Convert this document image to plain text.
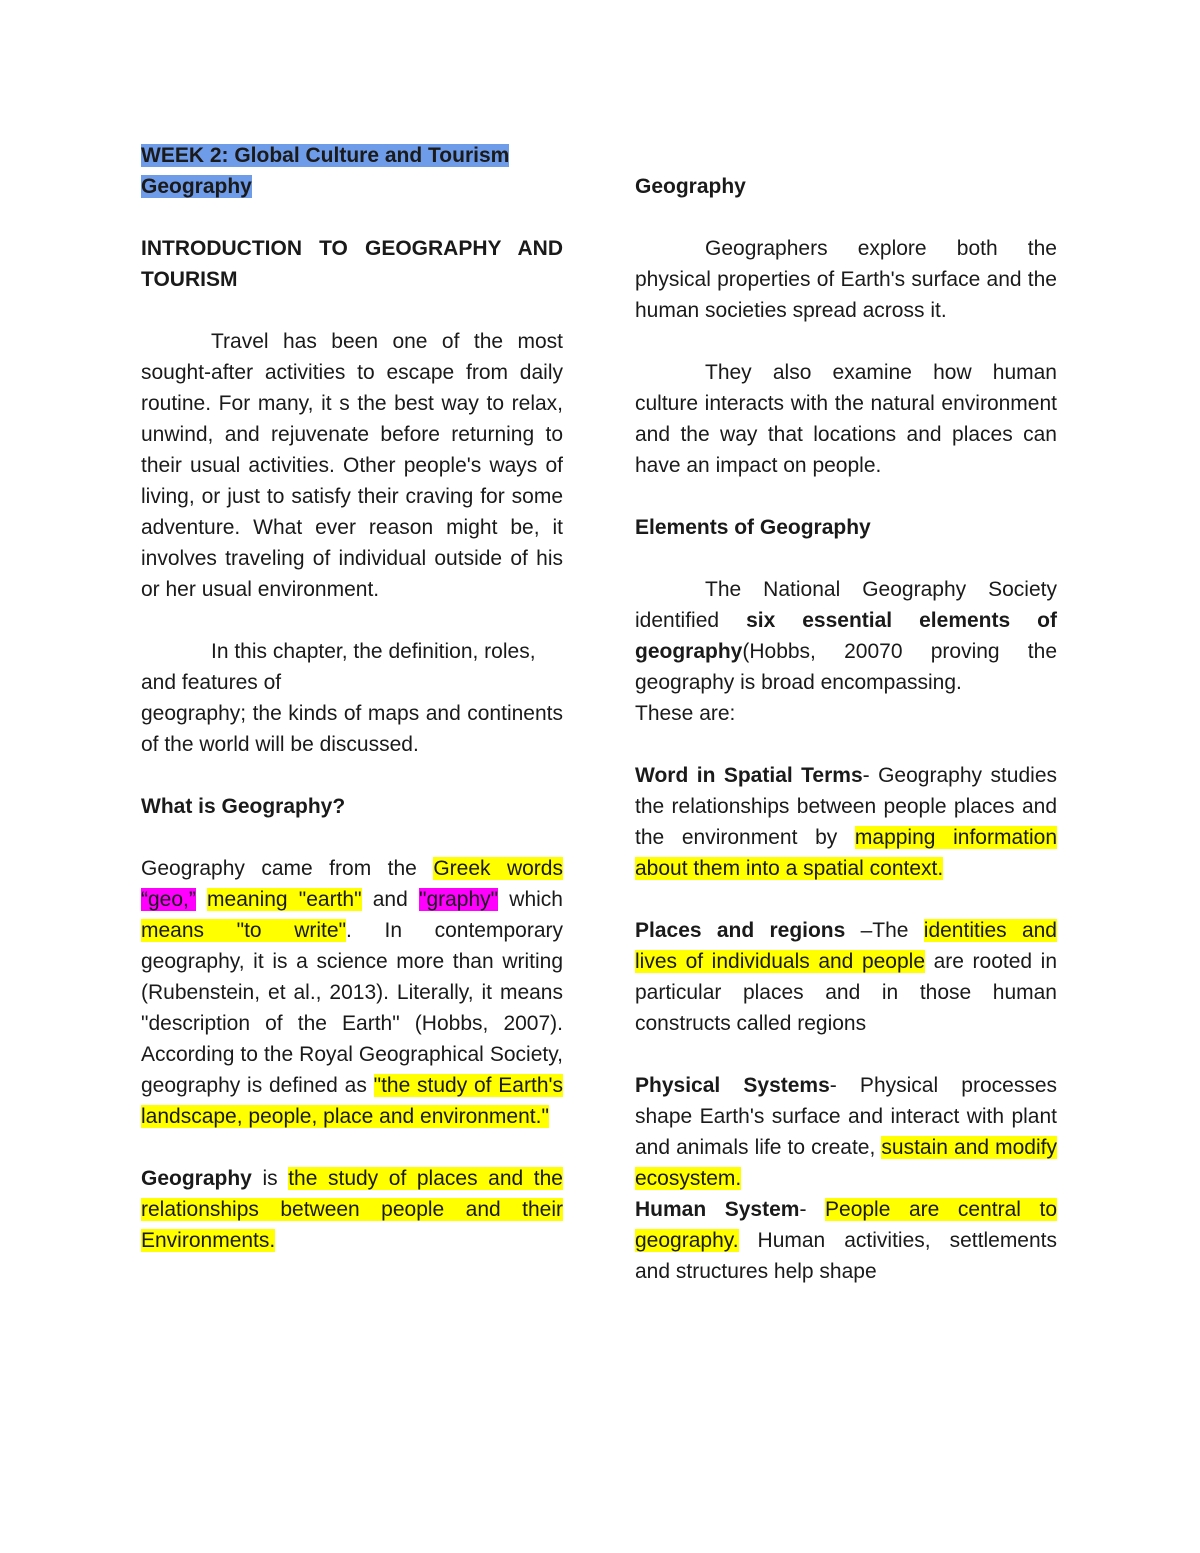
WEEK 2: Global Culture and Tourism
Geography

INTRODUCTION TO GEOGRAPHY AND TOURISM

Travel has been one of the most sought-after activities to escape from daily routine. For many, it s the best way to relax, unwind, and rejuvenate before returning to their usual activities. Other people's ways of living, or just to satisfy their craving for some adventure. What ever reason might be, it involves traveling of individual outside of his or her usual environment.

In this chapter, the definition, roles, and features of
geography; the kinds of maps and continents of the world will be discussed.

What is Geography?

Geography came from the Greek words “geo,” meaning "earth" and "graphy" which means "to write". In contemporary geography, it is a science more than writing (Rubenstein, et al., 2013). Literally, it means "description of the Earth" (Hobbs, 2007). According to the Royal Geographical Society, geography is defined as "the study of Earth's landscape, people, place and environment."

Geography is the study of places and the relationships between people and their Environments.

Geography

Geographers explore both the physical properties of Earth's surface and the human societies spread across it.

They also examine how human culture interacts with the natural environment and the way that locations and places can have an impact on people.

Elements of Geography

The National Geography Society identified six essential elements of geography(Hobbs, 20070 proving the geography is broad encompassing.
These are:

Word in Spatial Terms- Geography studies the relationships between people places and the environment by mapping information about them into a spatial context.

Places and regions –The identities and lives of individuals and people are rooted in particular places and in those human constructs called regions

Physical Systems- Physical processes shape Earth's surface and interact with plant and animals life to create, sustain and modify ecosystem.

Human System- People are central to geography. Human activities, settlements and structures help shape
